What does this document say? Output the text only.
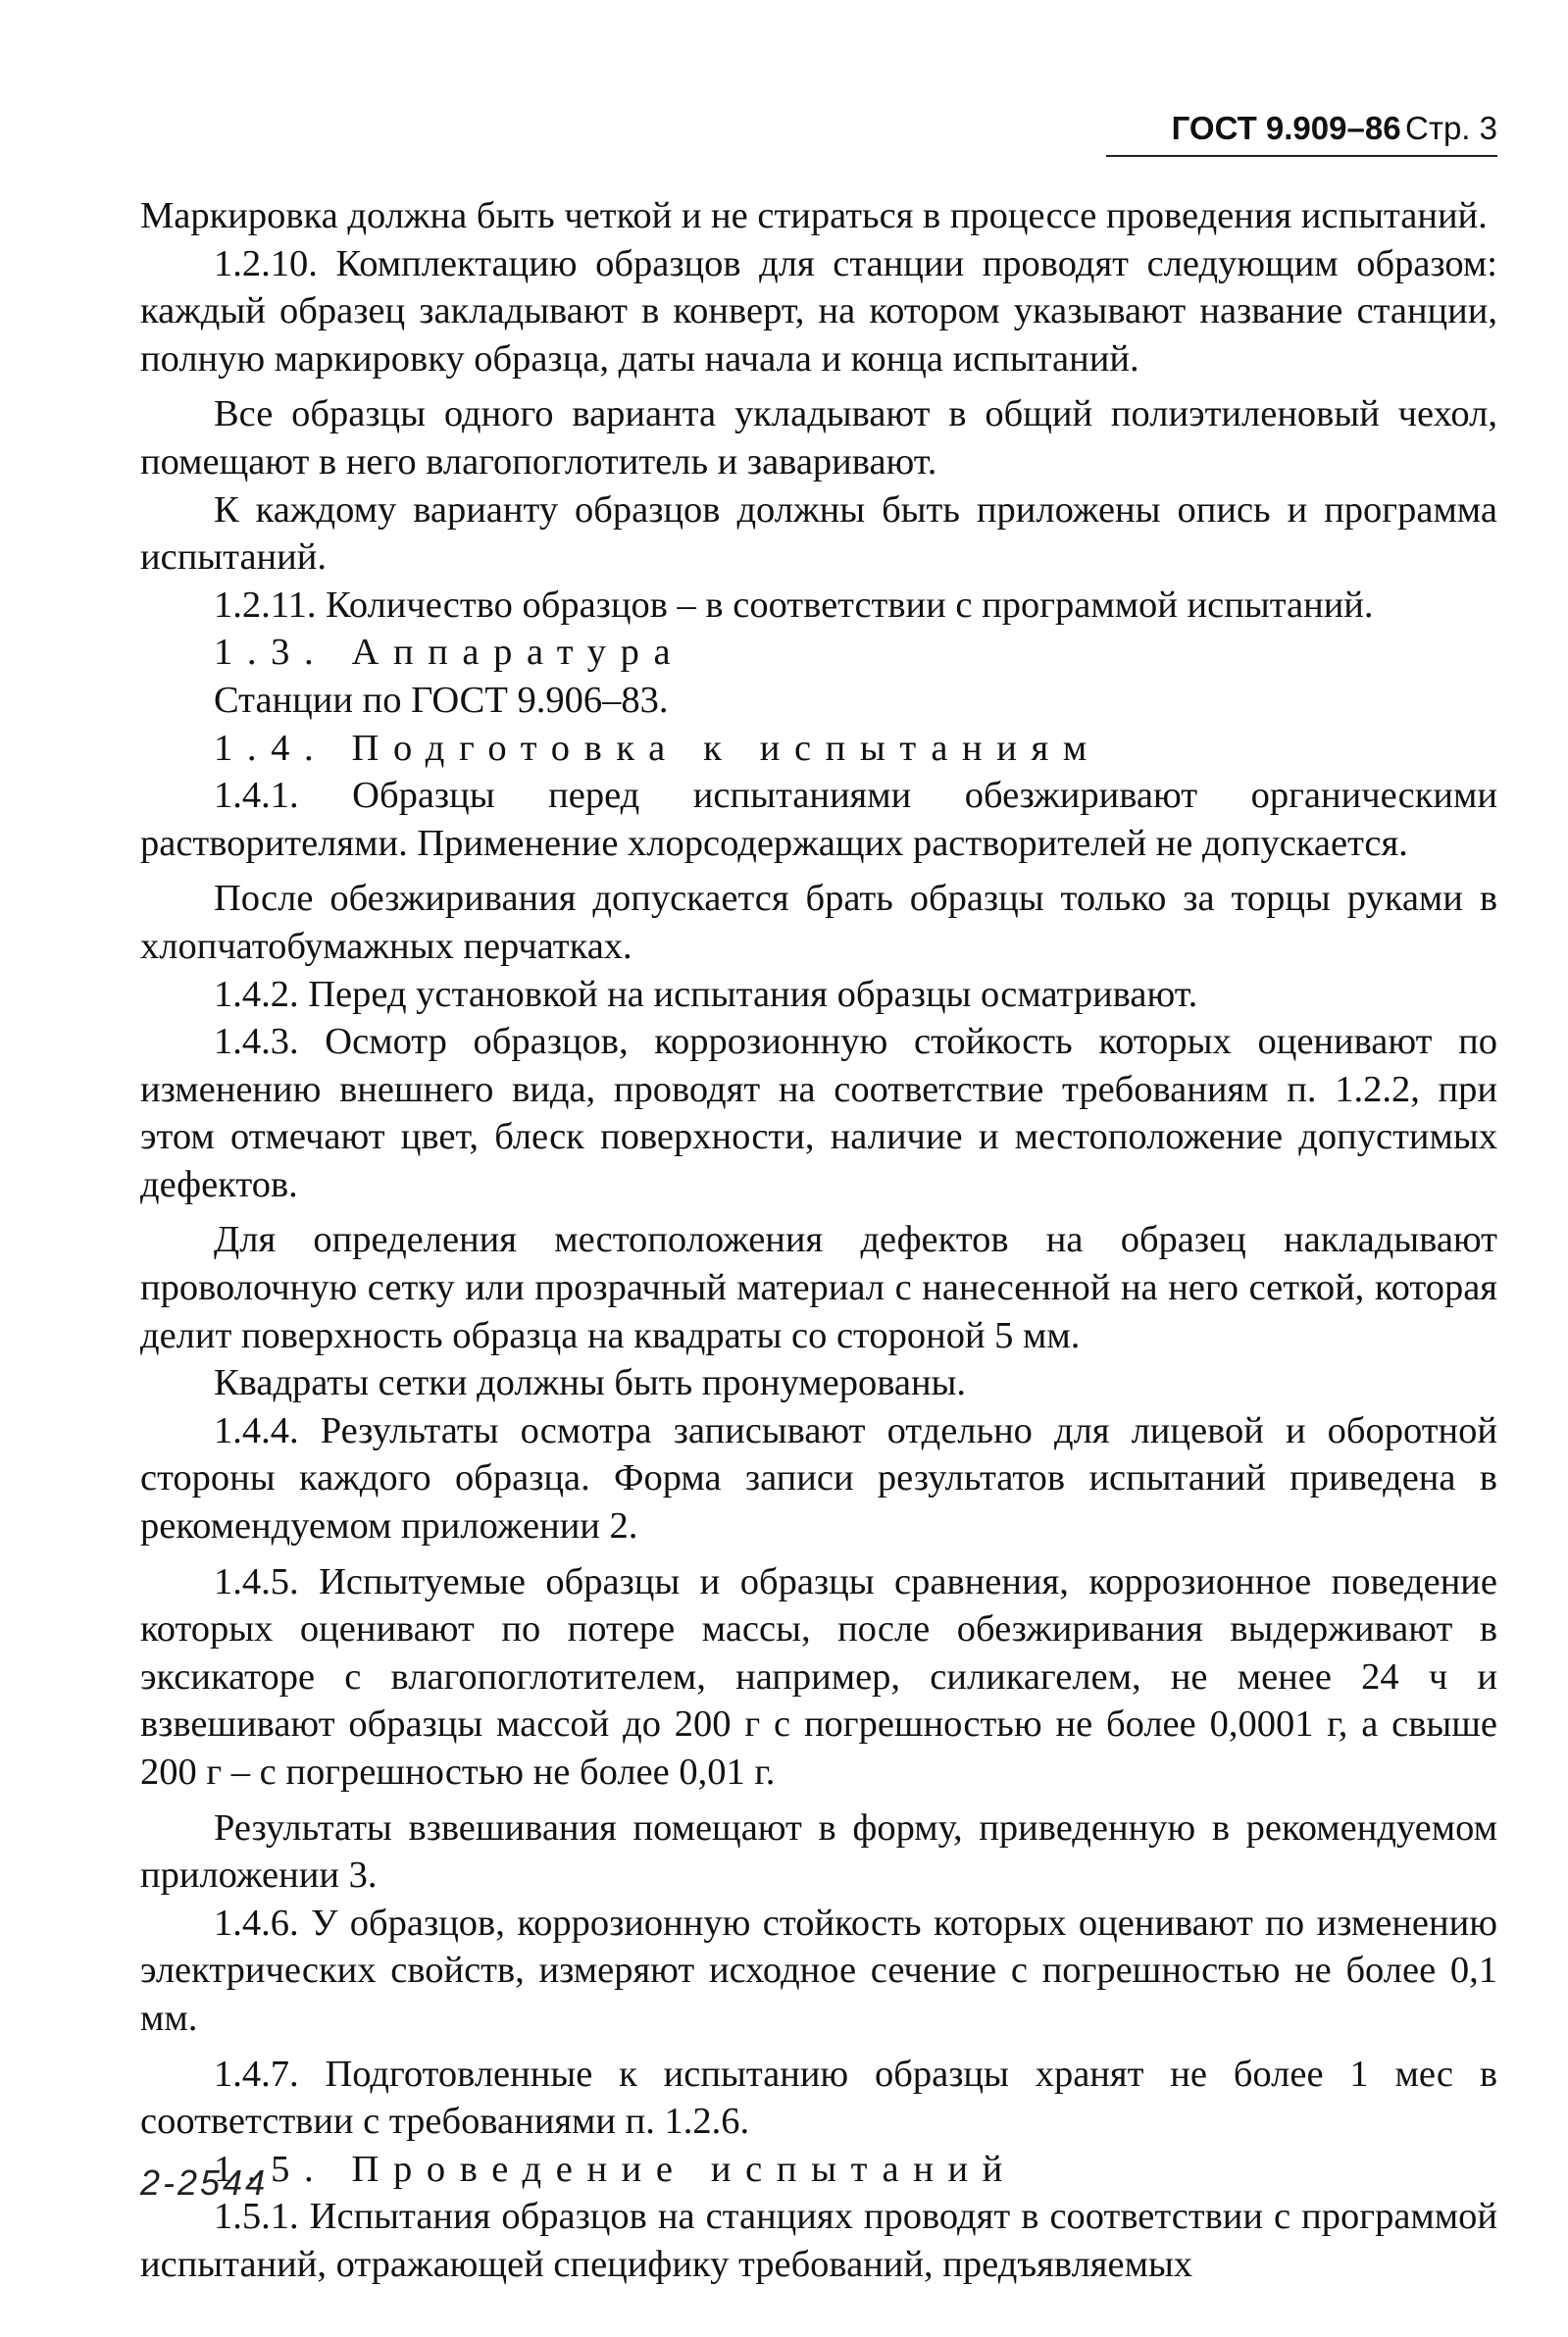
ГОСТ 9.909–86 Стр. 3

Маркировка должна быть четкой и не стираться в процессе проведения испытаний.

1.2.10. Комплектацию образцов для станции проводят следующим образом: каждый образец закладывают в конверт, на котором указывают название станции, полную маркировку образца, даты начала и конца испытаний.

Все образцы одного варианта укладывают в общий полиэтиленовый чехол, помещают в него влагопоглотитель и заваривают.

К каждому варианту образцов должны быть приложены опись и программа испытаний.

1.2.11. Количество образцов – в соответствии с программой испытаний.

1.3. Аппаратура

Станции по ГОСТ 9.906–83.

1.4. Подготовка к испытаниям

1.4.1. Образцы перед испытаниями обезжиривают органическими растворителями. Применение хлорсодержащих растворителей не допускается.

После обезжиривания допускается брать образцы только за торцы руками в хлопчатобумажных перчатках.

1.4.2. Перед установкой на испытания образцы осматривают.

1.4.3. Осмотр образцов, коррозионную стойкость которых оценивают по изменению внешнего вида, проводят на соответствие требованиям п. 1.2.2, при этом отмечают цвет, блеск поверхности, наличие и местоположение допустимых дефектов.

Для определения местоположения дефектов на образец накладывают проволочную сетку или прозрачный материал с нанесенной на него сеткой, которая делит поверхность образца на квадраты со стороной 5 мм.

Квадраты сетки должны быть пронумерованы.

1.4.4. Результаты осмотра записывают отдельно для лицевой и оборотной стороны каждого образца. Форма записи результатов испытаний приведена в рекомендуемом приложении 2.

1.4.5. Испытуемые образцы и образцы сравнения, коррозионное поведение которых оценивают по потере массы, после обезжиривания выдерживают в эксикаторе с влагопоглотителем, например, силикагелем, не менее 24 ч и взвешивают образцы массой до 200 г с погрешностью не более 0,0001 г, а свыше 200 г – с погрешностью не более 0,01 г.

Результаты взвешивания помещают в форму, приведенную в рекомендуемом приложении 3.

1.4.6. У образцов, коррозионную стойкость которых оценивают по изменению электрических свойств, измеряют исходное сечение с погрешностью не более 0,1 мм.

1.4.7. Подготовленные к испытанию образцы хранят не более 1 мес в соответствии с требованиями п. 1.2.6.

1.5. Проведение испытаний

1.5.1. Испытания образцов на станциях проводят в соответствии с программой испытаний, отражающей специфику требований, предъявляемых

2-2544
